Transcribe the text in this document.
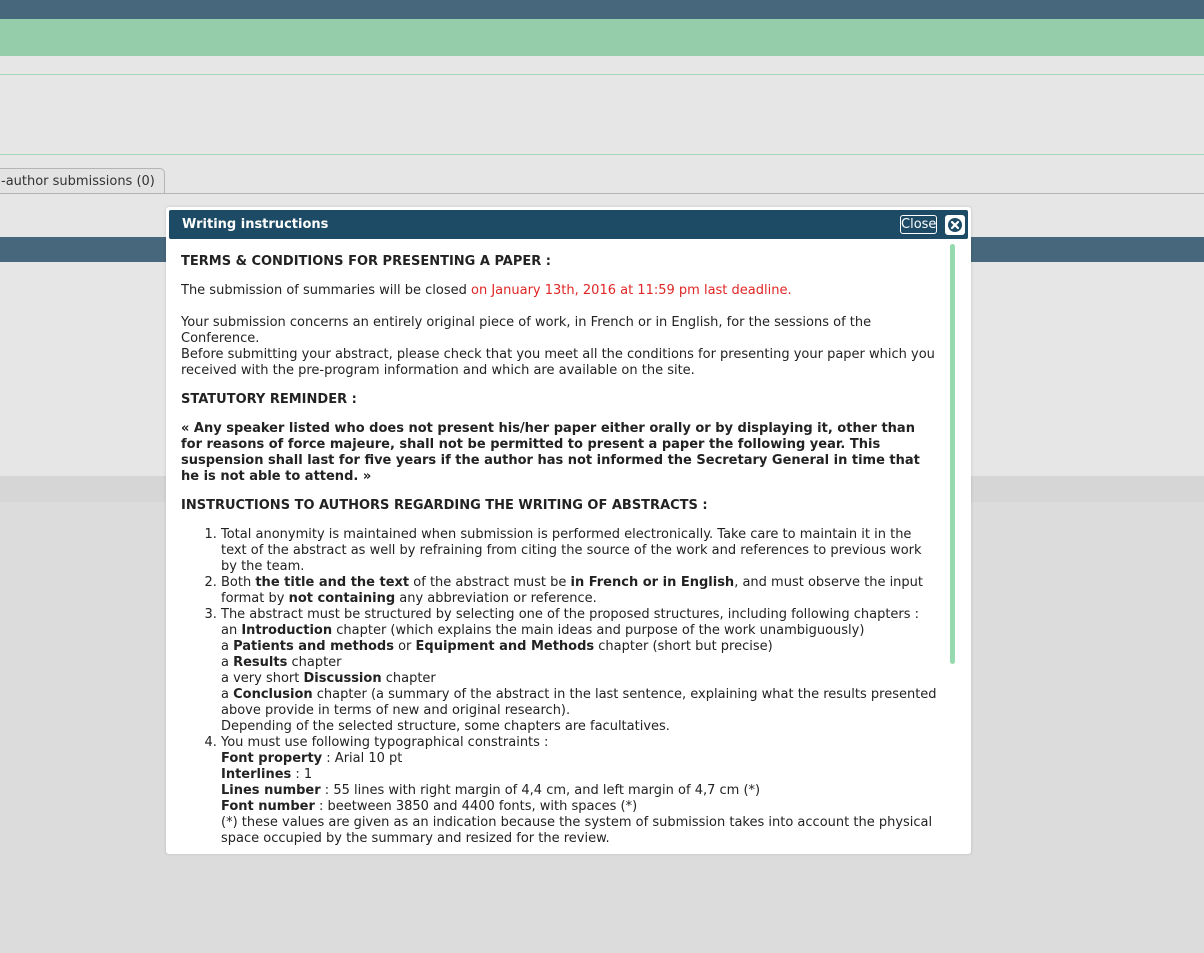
-author submissions (0)
Writing instructions	Close

TERMS & CONDITIONS FOR PRESENTING A PAPER :

The submission of summaries will be closed on January 13th, 2016 at 11:59 pm last deadline.

Your submission concerns an entirely original piece of work, in French or in English, for the sessions of the Conference.

Before submitting your abstract, please check that you meet all the conditions for presenting your paper which you received with the pre-program information and which are available on the site.

STATUTORY REMINDER :

« Any speaker listed who does not present his/her paper either orally or by displaying it, other than for reasons of force majeure, shall not be permitted to present a paper the following year. This suspension shall last for five years if the author has not informed the Secretary General in time that he is not able to attend. »

INSTRUCTIONS TO AUTHORS REGARDING THE WRITING OF ABSTRACTS :

1. Total anonymity is maintained when submission is performed electronically. Take care to maintain it in the text of the abstract as well by refraining from citing the source of the work and references to previous work by the team.
2. Both the title and the text of the abstract must be in French or in English, and must observe the input format by not containing any abbreviation or reference.
3. The abstract must be structured by selecting one of the proposed structures, including following chapters :
an Introduction chapter (which explains the main ideas and purpose of the work unambiguously)
a Patients and methods or Equipment and Methods chapter (short but precise)
a Results chapter
a very short Discussion chapter
a Conclusion chapter (a summary of the abstract in the last sentence, explaining what the results presented above provide in terms of new and original research).
Depending of the selected structure, some chapters are facultatives.
4. You must use following typographical constraints :
Font property : Arial 10 pt
Interlines : 1
Lines number : 55 lines with right margin of 4,4 cm, and left margin of 4,7 cm (*)
Font number : beetween 3850 and 4400 fonts, with spaces (*)
(*) these values are given as an indication because the system of submission takes into account the physical space occupied by the summary and resized for the review.
